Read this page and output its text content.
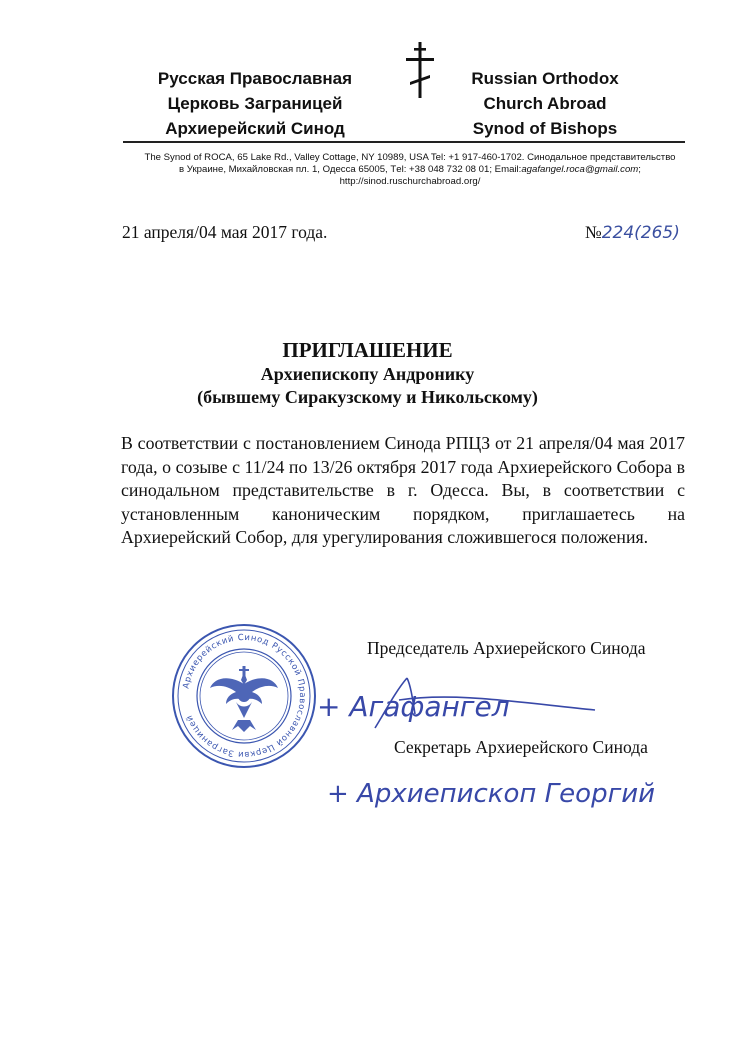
Русская Православная
Церковь Заграницей
Архиерейский Синод
Russian Orthodox
Church Abroad
Synod of Bishops
The Synod of ROCA, 65 Lake Rd., Valley Cottage, NY 10989, USA Tel: +1 917-460-1702. Синодальное представительство
в Украине, Михайловская пл. 1, Одесса 65005, Тel: +38 048 732 08 01; Email:agafangel.roca@gmail.com;
http://sinod.ruschurchabroad.org/
21 апреля/04 мая 2017 года.	№224(265)
ПРИГЛАШЕНИЕ
Архиепископу Андронику
(бывшему Сиракузскому и Никольскому)
В соответствии с постановлением Синода РПЦЗ от 21 апреля/04 мая 2017 года, о созыве с 11/24 по 13/26 октября 2017 года Архиерейского Собора в синодальном представительстве в г. Одесса. Вы, в соответствии с установленным каноническим порядком, приглашаетесь на Архиерейский Собор, для урегулирования сложившегося положения.
Архиерейский Синод Русской Православной Церкви Заграницей
Председатель Архиерейского Синода
+ Агафангел
Секретарь Архиерейского Синода
+ Архиепископ Георгий
